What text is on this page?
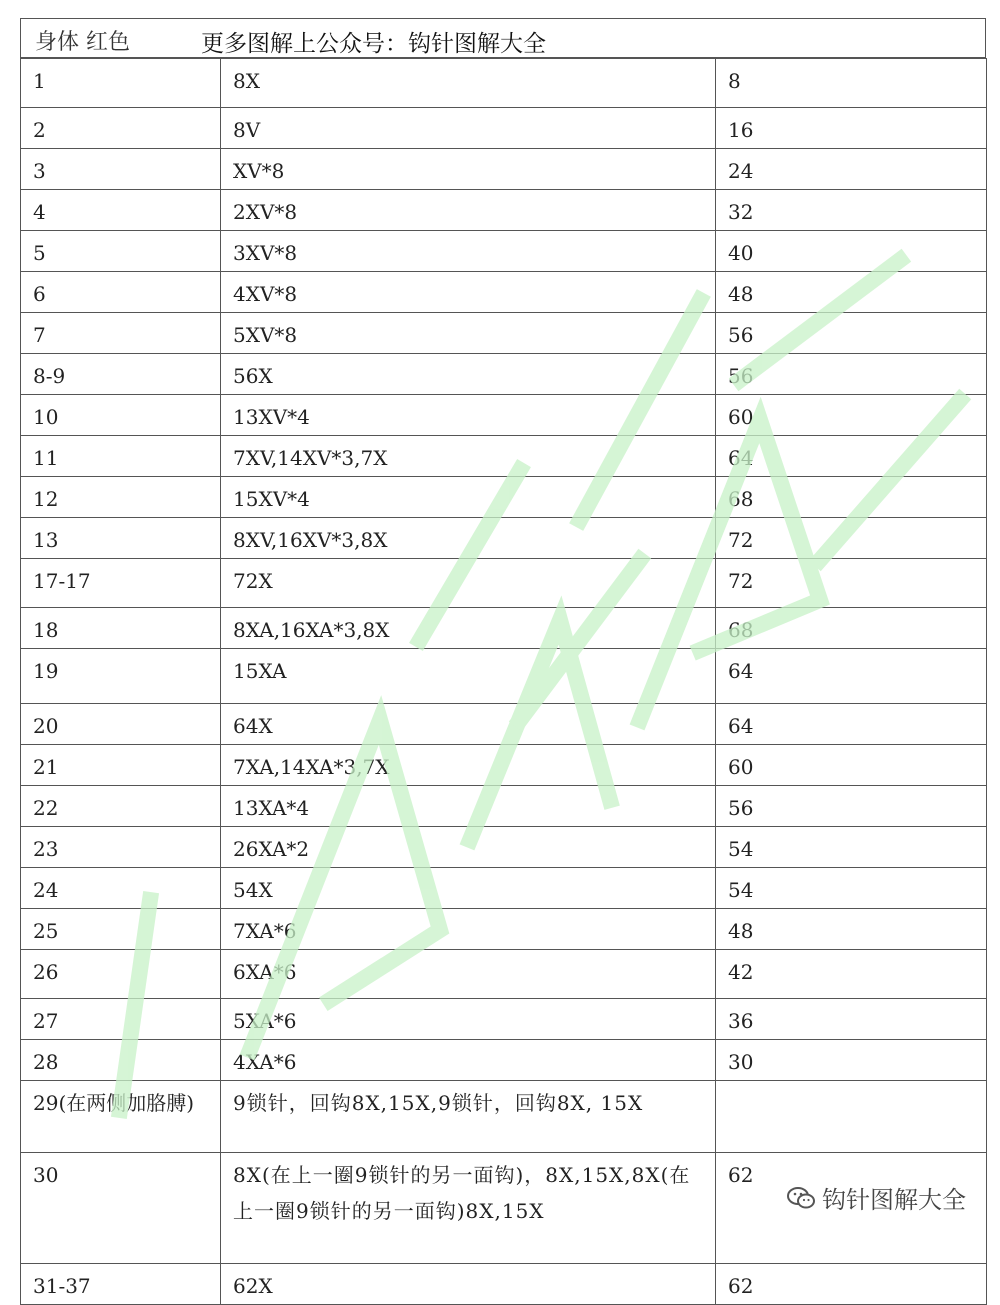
身体 红色	更多图解上公众号：钩针图解大全
1	8X	8
2	8V	16
3	XV*8	24
4	2XV*8	32
5	3XV*8	40
6	4XV*8	48
7	5XV*8	56
8-9	56X	56
10	13XV*4	60
11	7XV,14XV*3,7X	64
12	15XV*4	68
13	8XV,16XV*3,8X	72
17-17	72X	72
18	8XA,16XA*3,8X	68
19	15XA	64
20	64X	64
21	7XA,14XA*3,7X	60
22	13XA*4	56
23	26XA*2	54
24	54X	54
25	7XA*6	48
26	6XA*6	42
27	5XA*6	36
28	4XA*6	30
29(在两侧加胳膊)	9锁针，回钩8X,15X,9锁针，回钩8X, 15X	
30	8X(在上一圈9锁针的另一面钩)，8X,15X,8X(在上一圈9锁针的另一面钩)8X,15X	62
31-37	62X	62
钩针图解大全
